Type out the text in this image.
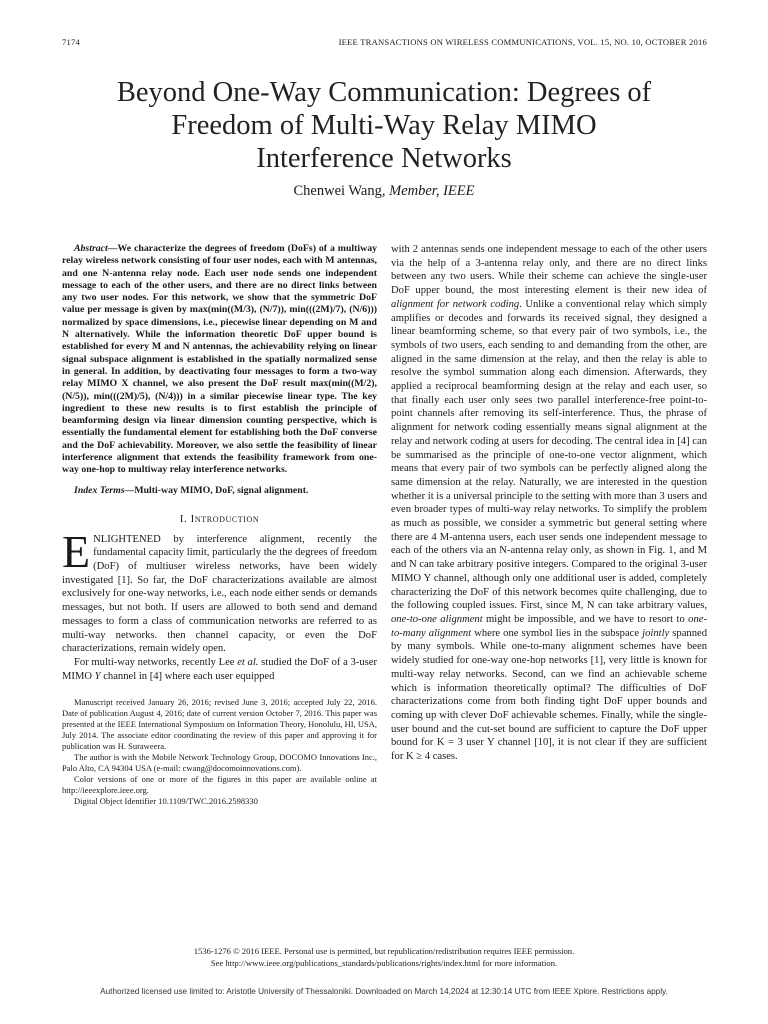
7174	IEEE TRANSACTIONS ON WIRELESS COMMUNICATIONS, VOL. 15, NO. 10, OCTOBER 2016
Beyond One-Way Communication: Degrees of
Freedom of Multi-Way Relay MIMO
Interference Networks
Chenwei Wang, Member, IEEE

Abstract—We characterize the degrees of freedom (DoFs) of a multiway relay wireless network consisting of four user nodes, each with M antennas, and one N-antenna relay node. Each user node sends one independent message to each of the other users, and there are no direct links between any two user nodes. For this network, we show that the symmetric DoF value per message is given by max(min((M/3), (N/7)), min(((2M)/7), (N/6))) normalized by space dimensions, i.e., piecewise linear depending on M and N alternatively. While the information theoretic DoF upper bound is established for every M and N antennas, the achievability relying on linear signal subspace alignment is established in the spatially normalized sense in general. In addition, by deactivating four messages to form a two-way relay MIMO X channel, we also present the DoF result max(min((M/2), (N/5)), min(((2M)/5), (N/4))) in a similar piecewise linear type. The key ingredient to these new results is to first establish the principle of beamforming design via linear dimension counting perspective, which is essentially the fundamental element for establishing both the DoF converse and the DoF achievability. Moreover, we also settle the feasibility of linear interference alignment that extends the feasibility framework from one-way one-hop to multiway relay interference networks.

Index Terms—Multi-way MIMO, DoF, signal alignment.

I. Introduction

ENLIGHTENED by interference alignment, recently the fundamental capacity limit, particularly the the degrees of freedom (DoF) of multiuser wireless networks, have been widely investigated [1]. So far, the DoF characterizations available are almost exclusively for one-way networks, i.e., each node either sends or demands messages, but not both. If users are allowed to both send and demand messages to form a class of communication networks are referred to as multi-way networks. then channel capacity, or even the DoF characterizations, remain widely open.

For multi-way networks, recently Lee et al. studied the DoF of a 3-user MIMO Y channel in [4] where each user equipped

Manuscript received January 26, 2016; revised June 3, 2016; accepted July 22, 2016. Date of publication August 4, 2016; date of current version October 7, 2016. This paper was presented at the IEEE International Symposium on Information Theory, Honolulu, HI, USA, July 2014. The associate editor coordinating the review of this paper and approving it for publication was H. Suraweera.

The author is with the Mobile Network Technology Group, DOCOMO Innovations Inc., Palo Alto, CA 94304 USA (e-mail: cwang@docomoinnovations.com).

Color versions of one or more of the figures in this paper are available online at http://ieeexplore.ieee.org.

Digital Object Identifier 10.1109/TWC.2016.2598330

with 2 antennas sends one independent message to each of the other users via the help of a 3-antenna relay only, and there are no direct links between any two users. While their scheme can achieve the single-user DoF upper bound, the most interesting element is their new idea of alignment for network coding. Unlike a conventional relay which simply amplifies or decodes and forwards its received signal, they designed a linear beamforming scheme, so that every pair of two symbols, i.e., the symbols of two users, each sending to and demanding from the other, are aligned in the same dimension at the relay, and then the relay is able to resolve the symbol summation along each dimension. Afterwards, they applied a reciprocal beamforming design at the relay and each user, so that finally each user only sees two parallel interference-free point-to-point channels after removing its self-interference. Thus, the phrase of alignment for network coding essentially means signal alignment at the relay and network coding at users for decoding. The central idea in [4] can be summarised as the principle of one-to-one vector alignment, which means that every pair of two symbols can be perfectly aligned along the same dimension at the relay. Naturally, we are interested in the question whether it is a universal principle to the setting with more than 3 users and even broader types of multi-way relay networks. To simplify the problem as much as possible, we consider a symmetric but general setting where there are 4 M-antenna users, each user sends one independent message to each of the others via an N-antenna relay only, as shown in Fig. 1, and M and N can take arbitrary positive integers. Compared to the original 3-user MIMO Y channel, although only one additional user is added, completely characterizing the DoF of this network becomes quite challenging, due to the following coupled issues. First, since M, N can take arbitrary values, one-to-one alignment might be impossible, and we have to resort to one-to-many alignment where one symbol lies in the subspace jointly spanned by many symbols. While one-to-many alignment schemes have been widely studied for one-way one-hop networks [1], very little is known for multi-way relay networks. Second, can we find an achievable scheme which is information theoretically optimal? The difficulties of DoF characterizations come from both finding tight DoF upper bounds and coming up with clever DoF achievable schemes. Finally, while the single-user bound and the cut-set bound are sufficient to capture the DoF upper bound for K = 3 user Y channel [10], it is not clear if they are sufficient for K ≥ 4 cases.

1536-1276 © 2016 IEEE. Personal use is permitted, but republication/redistribution requires IEEE permission.
See http://www.ieee.org/publications_standards/publications/rights/index.html for more information.
Authorized licensed use limited to: Aristotle University of Thessaloniki. Downloaded on March 14,2024 at 12:30:14 UTC from IEEE Xplore. Restrictions apply.
